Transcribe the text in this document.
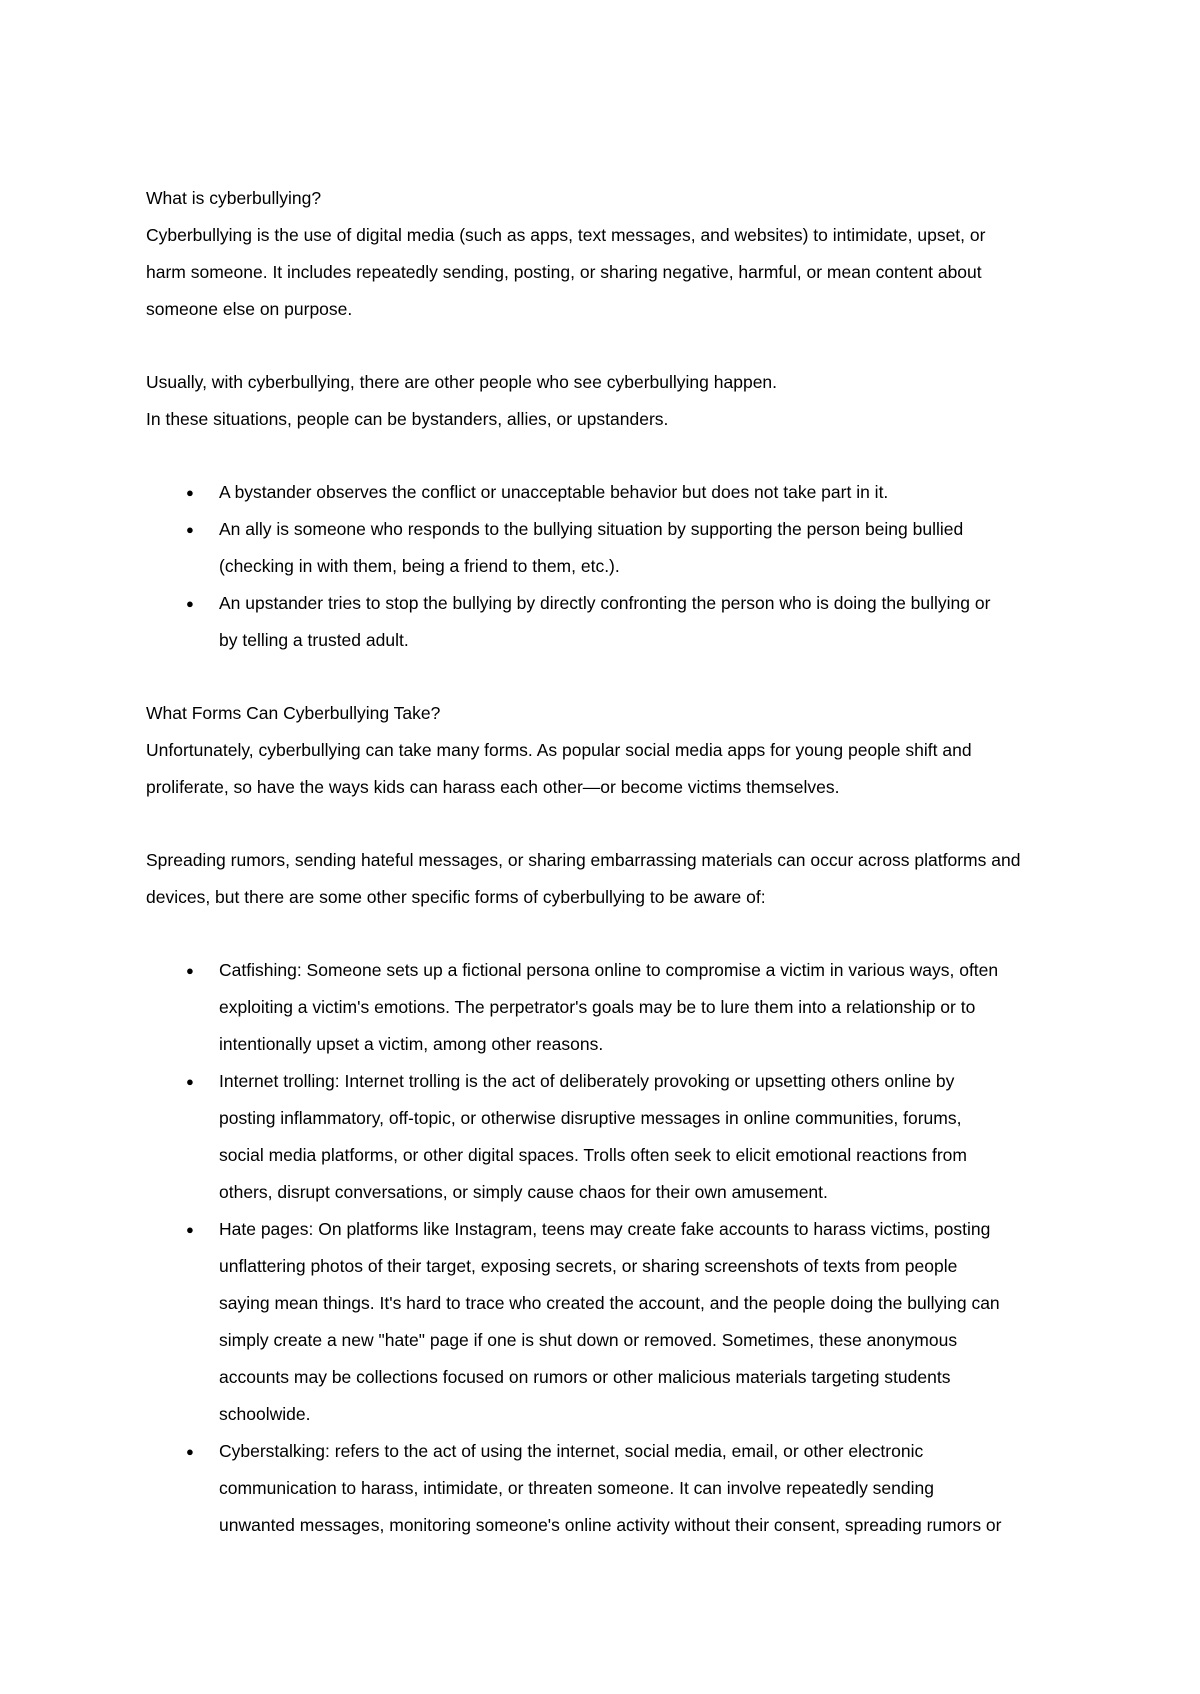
What is cyberbullying?

Cyberbullying is the use of digital media (such as apps, text messages, and websites) to intimidate, upset, or

harm someone. It includes repeatedly sending, posting, or sharing negative, harmful, or mean content about

someone else on purpose.

Usually, with cyberbullying, there are other people who see cyberbullying happen.

In these situations, people can be bystanders, allies, or upstanders.

● A bystander observes the conflict or unacceptable behavior but does not take part in it.
● An ally is someone who responds to the bullying situation by supporting the person being bullied
(checking in with them, being a friend to them, etc.).
● An upstander tries to stop the bullying by directly confronting the person who is doing the bullying or
by telling a trusted adult.

What Forms Can Cyberbullying Take?

Unfortunately, cyberbullying can take many forms. As popular social media apps for young people shift and

proliferate, so have the ways kids can harass each other—or become victims themselves.

Spreading rumors, sending hateful messages, or sharing embarrassing materials can occur across platforms and

devices, but there are some other specific forms of cyberbullying to be aware of:

● Catfishing: Someone sets up a fictional persona online to compromise a victim in various ways, often
exploiting a victim's emotions. The perpetrator's goals may be to lure them into a relationship or to
intentionally upset a victim, among other reasons.
● Internet trolling: Internet trolling is the act of deliberately provoking or upsetting others online by
posting inflammatory, off-topic, or otherwise disruptive messages in online communities, forums,
social media platforms, or other digital spaces. Trolls often seek to elicit emotional reactions from
others, disrupt conversations, or simply cause chaos for their own amusement.
● Hate pages: On platforms like Instagram, teens may create fake accounts to harass victims, posting
unflattering photos of their target, exposing secrets, or sharing screenshots of texts from people
saying mean things. It's hard to trace who created the account, and the people doing the bullying can
simply create a new "hate" page if one is shut down or removed. Sometimes, these anonymous
accounts may be collections focused on rumors or other malicious materials targeting students
schoolwide.
● Cyberstalking: refers to the act of using the internet, social media, email, or other electronic
communication to harass, intimidate, or threaten someone. It can involve repeatedly sending
unwanted messages, monitoring someone's online activity without their consent, spreading rumors or
